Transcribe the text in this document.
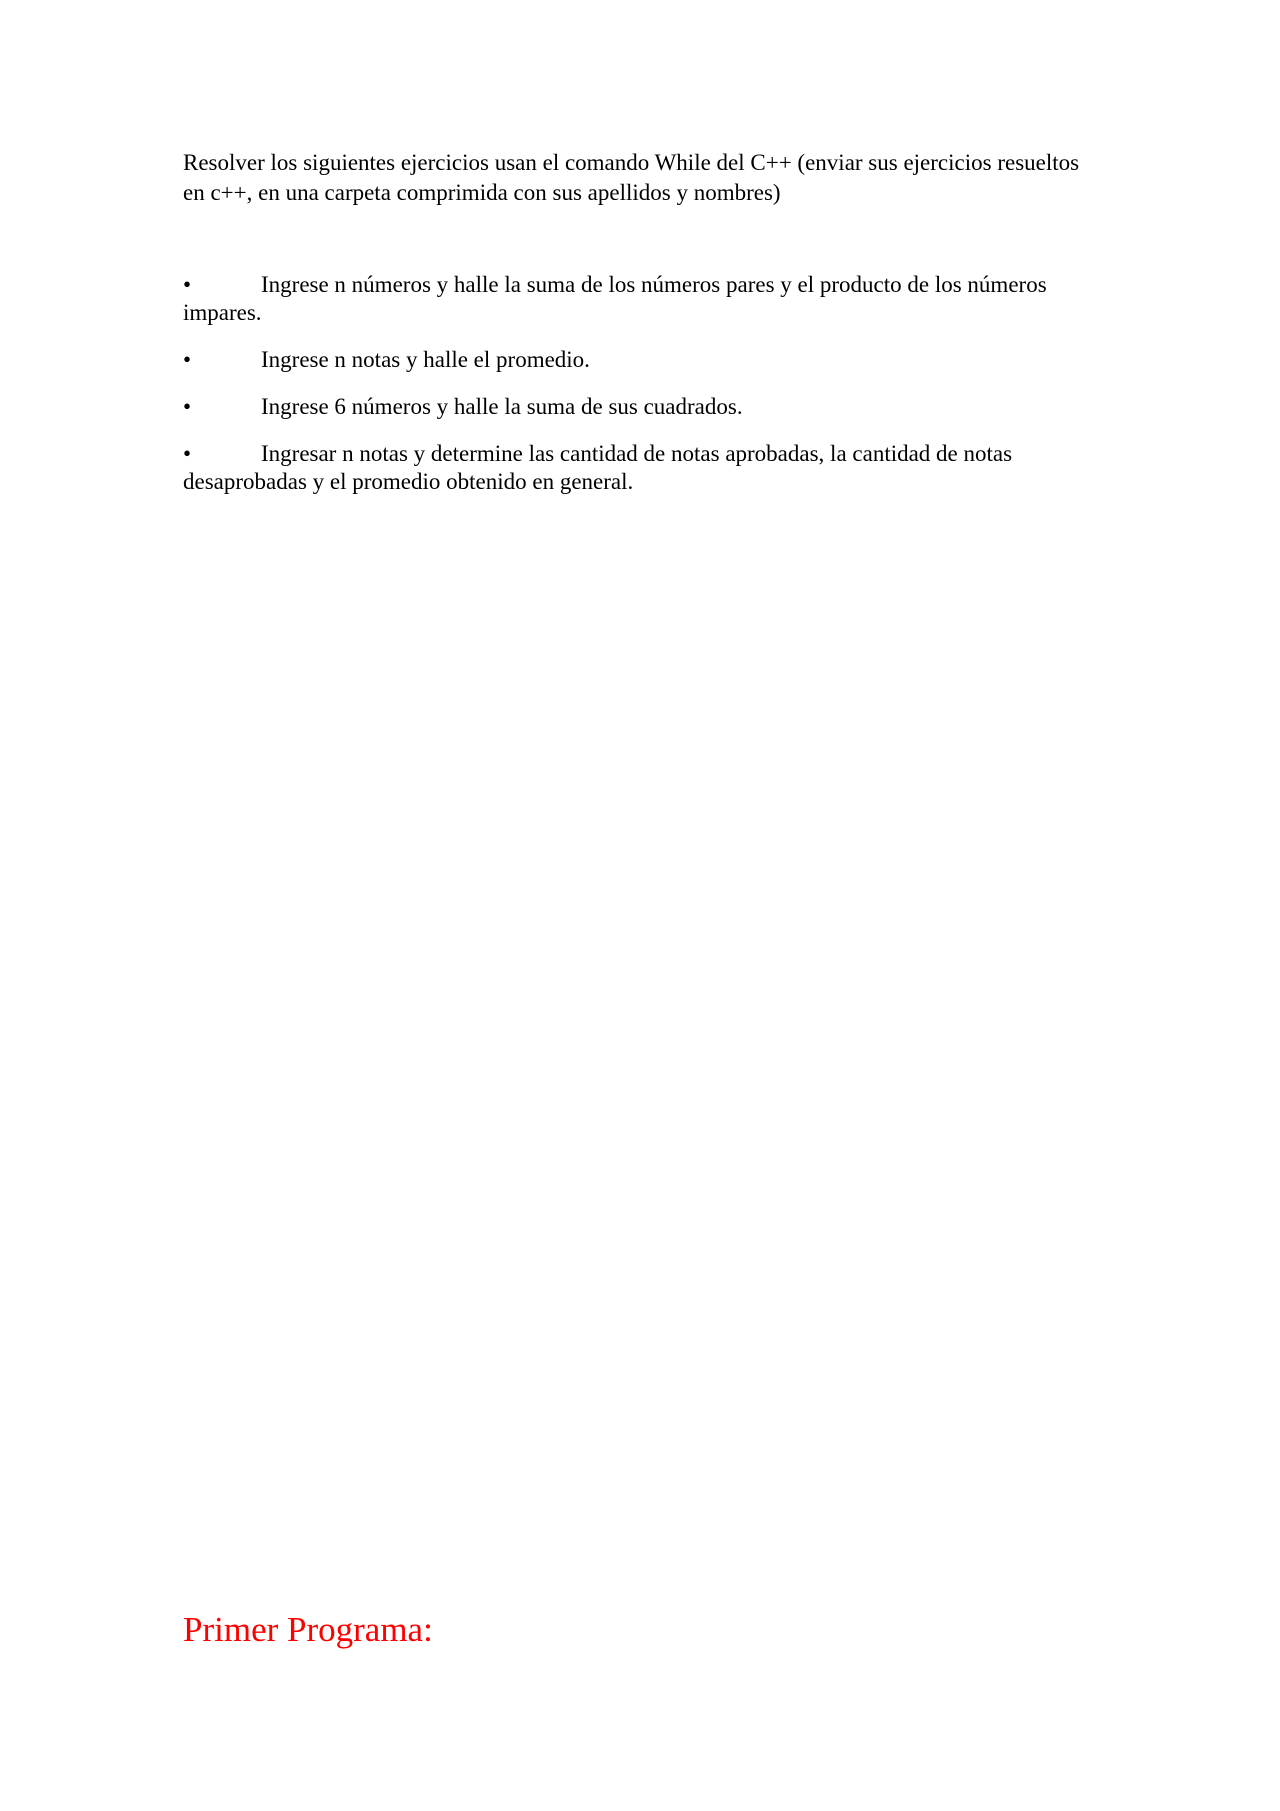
Resolver los siguientes ejercicios usan el comando While del C++ (enviar sus ejercicios resueltos en c++, en una carpeta comprimida con sus apellidos y nombres)

•	Ingrese n números y halle la suma de los números pares y el producto de los números impares.
•	Ingrese n notas y halle el promedio.
•	Ingrese 6 números y halle la suma de sus cuadrados.
•	Ingresar n notas y determine las cantidad de notas aprobadas, la cantidad de notas desaprobadas y el promedio obtenido en general.
Primer Programa:
